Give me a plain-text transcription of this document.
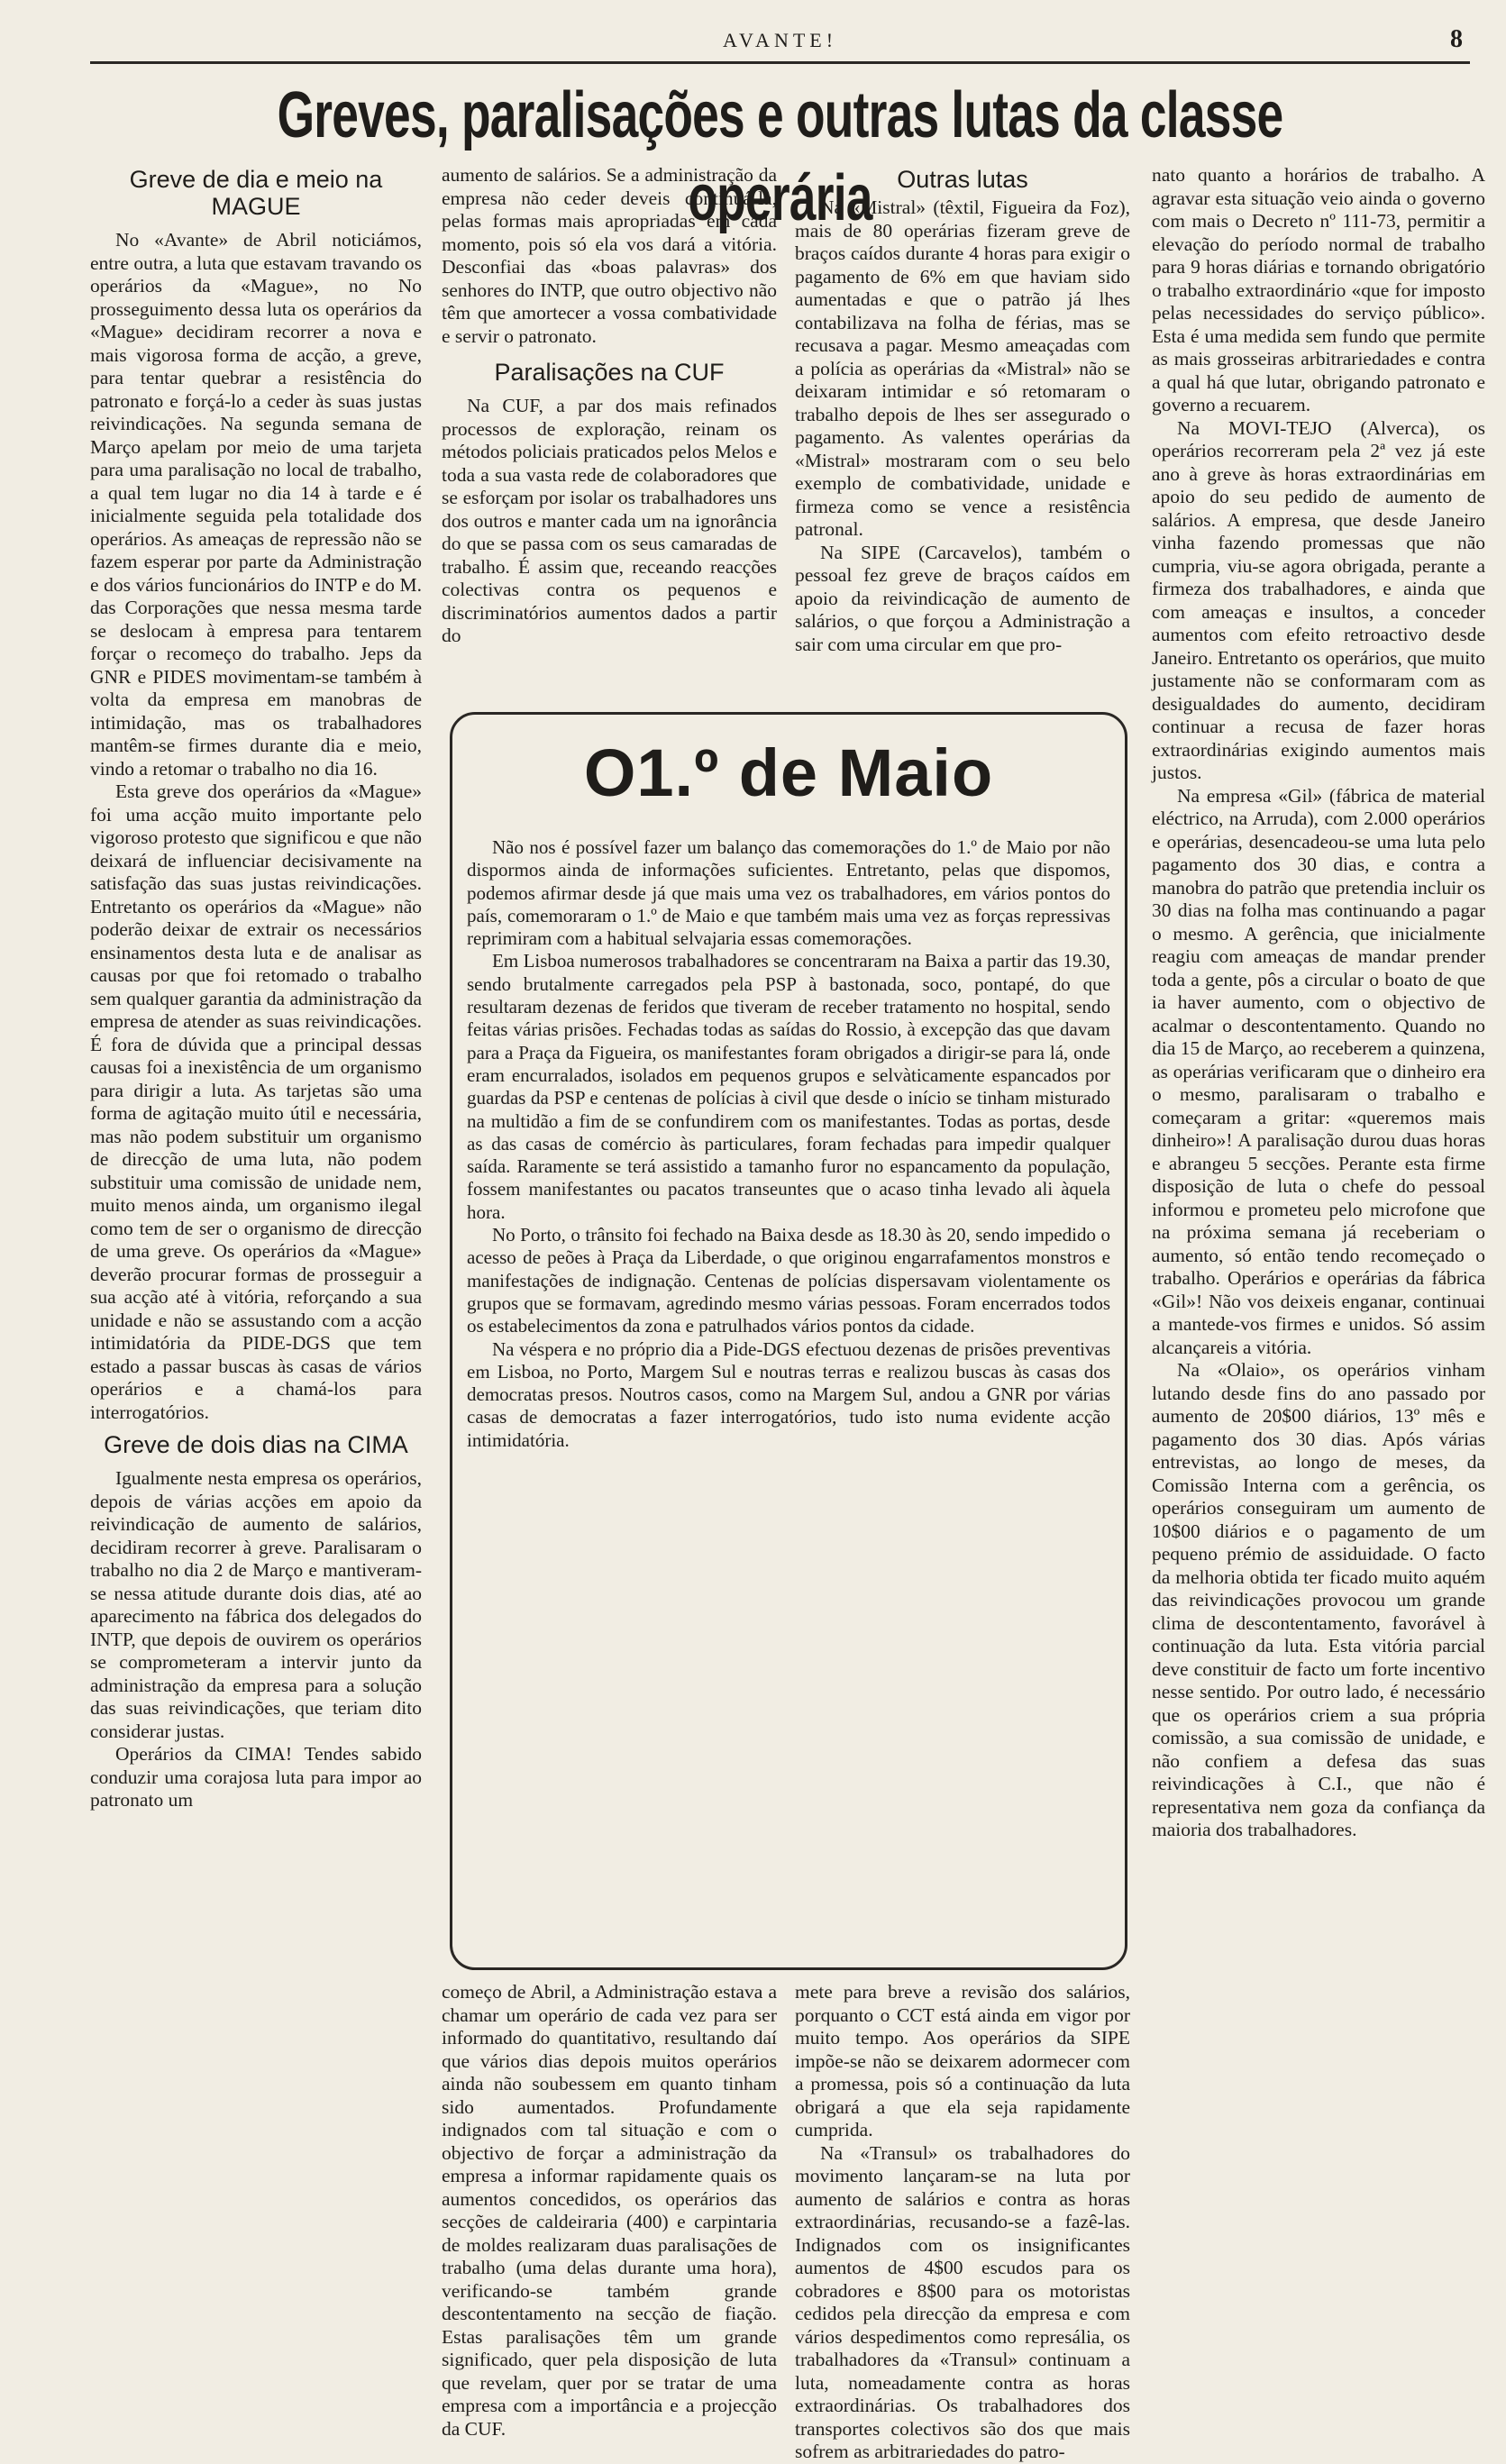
AVANTE!	8
Greves, paralisações e outras lutas da classe operária
Greve de dia e meio na MAGUE

No «Avante» de Abril noticiámos, entre outra, a luta que estavam travando os operários da «Mague», no No prosseguimento dessa luta os operários da «Mague» decidiram recorrer a nova e mais vigorosa forma de acção, a greve, para tentar quebrar a resistência do patronato e forçá-lo a ceder às suas justas reivindicações. Na segunda semana de Março apelam por meio de uma tarjeta para uma paralisação no local de trabalho, a qual tem lugar no dia 14 à tarde e é inicialmente seguida pela totalidade dos operários. As ameaças de repressão não se fazem esperar por parte da Administração e dos vários funcionários do INTP e do M. das Corporações que nessa mesma tarde se deslocam à empresa para tentarem forçar o recomeço do trabalho. Jeps da GNR e PIDES movimentam-se também à volta da empresa em manobras de intimidação, mas os trabalhadores mantêm-se firmes durante dia e meio, vindo a retomar o trabalho no dia 16.

Esta greve dos operários da «Mague» foi uma acção muito importante pelo vigoroso protesto que significou e que não deixará de influenciar decisivamente na satisfação das suas justas reivindicações. Entretanto os operários da «Mague» não poderão deixar de extrair os necessários ensinamentos desta luta e de analisar as causas por que foi retomado o trabalho sem qualquer garantia da administração da empresa de atender as suas reivindicações. É fora de dúvida que a principal dessas causas foi a inexistência de um organismo para dirigir a luta. As tarjetas são uma forma de agitação muito útil e necessária, mas não podem substituir um organismo de direcção de uma luta, não podem substituir uma comissão de unidade nem, muito menos ainda, um organismo ilegal como tem de ser o organismo de direcção de uma greve. Os operários da «Mague» deverão procurar formas de prosseguir a sua acção até à vitória, reforçando a sua unidade e não se assustando com a acção intimidatória da PIDE-DGS que tem estado a passar buscas às casas de vários operários e a chamá-los para interrogatórios.

Greve de dois dias na CIMA

Igualmente nesta empresa os operários, depois de várias acções em apoio da reivindicação de aumento de salários, decidiram recorrer à greve. Paralisaram o trabalho no dia 2 de Março e mantiveram-se nessa atitude durante dois dias, até ao aparecimento na fábrica dos delegados do INTP, que depois de ouvirem os operários se comprometeram a intervir junto da administração da empresa para a solução das suas reivindicações, que teriam dito considerar justas.

Operários da CIMA! Tendes sabido conduzir uma corajosa luta para impor ao patronato um

aumento de salários. Se a administração da empresa não ceder deveis continuá-la, pelas formas mais apropriadas em cada momento, pois só ela vos dará a vitória. Desconfiai das «boas palavras» dos senhores do INTP, que outro objectivo não têm que amortecer a vossa combatividade e servir o patronato.

Paralisações na CUF

Na CUF, a par dos mais refinados processos de exploração, reinam os métodos policiais praticados pelos Melos e toda a sua vasta rede de colaboradores que se esforçam por isolar os trabalhadores uns dos outros e manter cada um na ignorância do que se passa com os seus camaradas de trabalho. É assim que, receando reacções colectivas contra os pequenos e discriminatórios aumentos dados a partir do

Outras lutas

Na «Mistral» (têxtil, Figueira da Foz), mais de 80 operárias fizeram greve de braços caídos durante 4 horas para exigir o pagamento de 6% em que haviam sido aumentadas e que o patrão já lhes contabilizava na folha de férias, mas se recusava a pagar. Mesmo ameaçadas com a polícia as operárias da «Mistral» não se deixaram intimidar e só retomaram o trabalho depois de lhes ser assegurado o pagamento. As valentes operárias da «Mistral» mostraram com o seu belo exemplo de combatividade, unidade e firmeza como se vence a resistência patronal.

Na SIPE (Carcavelos), também o pessoal fez greve de braços caídos em apoio da reivindicação de aumento de salários, o que forçou a Administração a sair com uma circular em que pro-

nato quanto a horários de trabalho. A agravar esta situação veio ainda o governo com mais o Decreto nº 111-73, permitir a elevação do período normal de trabalho para 9 horas diárias e tornando obrigatório o trabalho extraordinário «que for imposto pelas necessidades do serviço público». Esta é uma medida sem fundo que permite as mais grosseiras arbitrariedades e contra a qual há que lutar, obrigando patronato e governo a recuarem.

Na MOVI-TEJO (Alverca), os operários recorreram pela 2ª vez já este ano à greve às horas extraordinárias em apoio do seu pedido de aumento de salários. A empresa, que desde Janeiro vinha fazendo promessas que não cumpria, viu-se agora obrigada, perante a firmeza dos trabalhadores, e ainda que com ameaças e insultos, a conceder aumentos com efeito retroactivo desde Janeiro. Entretanto os operários, que muito justamente não se conformaram com as desigualdades do aumento, decidiram continuar a recusa de fazer horas extraordinárias exigindo aumentos mais justos.

Na empresa «Gil» (fábrica de material eléctrico, na Arruda), com 2.000 operários e operárias, desencadeou-se uma luta pelo pagamento dos 30 dias, e contra a manobra do patrão que pretendia incluir os 30 dias na folha mas continuando a pagar o mesmo. A gerência, que inicialmente reagiu com ameaças de mandar prender toda a gente, pôs a circular o boato de que ia haver aumento, com o objectivo de acalmar o descontentamento. Quando no dia 15 de Março, ao receberem a quinzena, as operárias verificaram que o dinheiro era o mesmo, paralisaram o trabalho e começaram a gritar: «queremos mais dinheiro»! A paralisação durou duas horas e abrangeu 5 secções. Perante esta firme disposição de luta o chefe do pessoal informou e prometeu pelo microfone que na próxima semana já receberiam o aumento, só então tendo recomeçado o trabalho. Operários e operárias da fábrica «Gil»! Não vos deixeis enganar, continuai a mantede-vos firmes e unidos. Só assim alcançareis a vitória.

Na «Olaio», os operários vinham lutando desde fins do ano passado por aumento de 20$00 diários, 13º mês e pagamento dos 30 dias. Após várias entrevistas, ao longo de meses, da Comissão Interna com a gerência, os operários conseguiram um aumento de 10$00 diários e o pagamento de um pequeno prémio de assiduidade. O facto da melhoria obtida ter ficado muito aquém das reivindicações provocou um grande clima de descontentamento, favorável à continuação da luta. Esta vitória parcial deve constituir de facto um forte incentivo nesse sentido. Por outro lado, é necessário que os operários criem a sua própria comissão, a sua comissão de unidade, e não confiem a defesa das suas reivindicações à C.I., que não é representativa nem goza da confiança da maioria dos trabalhadores.

O1.º de Maio

Não nos é possível fazer um balanço das comemorações do 1.º de Maio por não dispormos ainda de informações suficientes. Entretanto, pelas que dispomos, podemos afirmar desde já que mais uma vez os trabalhadores, em vários pontos do país, comemoraram o 1.º de Maio e que também mais uma vez as forças repressivas reprimiram com a habitual selvajaria essas comemorações.

Em Lisboa numerosos trabalhadores se concentraram na Baixa a partir das 19.30, sendo brutalmente carregados pela PSP à bastonada, soco, pontapé, do que resultaram dezenas de feridos que tiveram de receber tratamento no hospital, sendo feitas várias prisões. Fechadas todas as saídas do Rossio, à excepção das que davam para a Praça da Figueira, os manifestantes foram obrigados a dirigir-se para lá, onde eram encurralados, isolados em pequenos grupos e selvàticamente espancados por guardas da PSP e centenas de polícias à civil que desde o início se tinham misturado na multidão a fim de se confundirem com os manifestantes. Todas as portas, desde as das casas de comércio às particulares, foram fechadas para impedir qualquer saída. Raramente se terá assistido a tamanho furor no espancamento da população, fossem manifestantes ou pacatos transeuntes que o acaso tinha levado ali àquela hora.

No Porto, o trânsito foi fechado na Baixa desde as 18.30 às 20, sendo impedido o acesso de peões à Praça da Liberdade, o que originou engarrafamentos monstros e manifestações de indignação. Centenas de polícias dispersavam violentamente os grupos que se formavam, agredindo mesmo várias pessoas. Foram encerrados todos os estabelecimentos da zona e patrulhados vários pontos da cidade.

Na véspera e no próprio dia a Pide-DGS efectuou dezenas de prisões preventivas em Lisboa, no Porto, Margem Sul e noutras terras e realizou buscas às casas dos democratas presos. Noutros casos, como na Margem Sul, andou a GNR por várias casas de democratas a fazer interrogatórios, tudo isto numa evidente acção intimidatória.

começo de Abril, a Administração estava a chamar um operário de cada vez para ser informado do quantitativo, resultando daí que vários dias depois muitos operários ainda não soubessem em quanto tinham sido aumentados. Profundamente indignados com tal situação e com o objectivo de forçar a administração da empresa a informar rapidamente quais os aumentos concedidos, os operários das secções de caldeiraria (400) e carpintaria de moldes realizaram duas paralisações de trabalho (uma delas durante uma hora), verificando-se também grande descontentamento na secção de fiação. Estas paralisações têm um grande significado, quer pela disposição de luta que revelam, quer por se tratar de uma empresa com a importância e a projecção da CUF.

mete para breve a revisão dos salários, porquanto o CCT está ainda em vigor por muito tempo. Aos operários da SIPE impõe-se não se deixarem adormecer com a promessa, pois só a continuação da luta obrigará a que ela seja rapidamente cumprida.

Na «Transul» os trabalhadores do movimento lançaram-se na luta por aumento de salários e contra as horas extraordinárias, recusando-se a fazê-las. Indignados com os insignificantes aumentos de 4$00 escudos para os cobradores e 8$00 para os motoristas cedidos pela direcção da empresa e com vários despedimentos como represália, os trabalhadores da «Transul» continuam a luta, nomeadamente contra as horas extraordinárias. Os trabalhadores dos transportes colectivos são dos que mais sofrem as arbitrariedades do patro-
